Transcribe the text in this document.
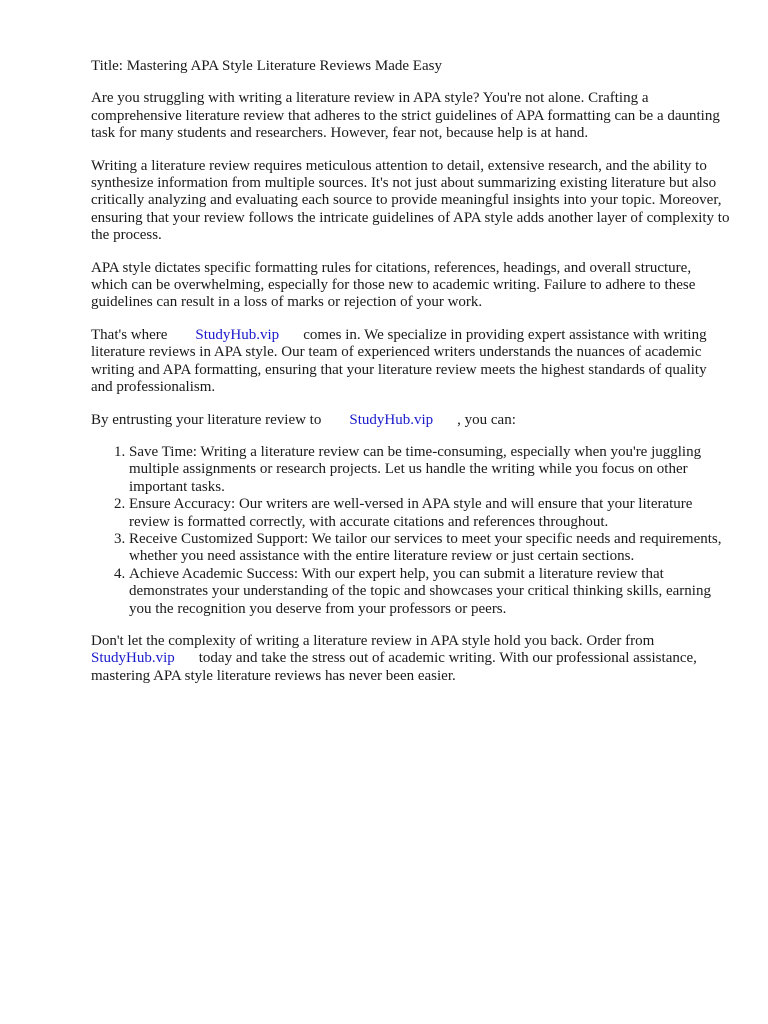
Title: Mastering APA Style Literature Reviews Made Easy

Are you struggling with writing a literature review in APA style? You're not alone. Crafting a comprehensive literature review that adheres to the strict guidelines of APA formatting can be a daunting task for many students and researchers. However, fear not, because help is at hand.

Writing a literature review requires meticulous attention to detail, extensive research, and the ability to synthesize information from multiple sources. It's not just about summarizing existing literature but also critically analyzing and evaluating each source to provide meaningful insights into your topic. Moreover, ensuring that your review follows the intricate guidelines of APA style adds another layer of complexity to the process.

APA style dictates specific formatting rules for citations, references, headings, and overall structure, which can be overwhelming, especially for those new to academic writing. Failure to adhere to these guidelines can result in a loss of marks or rejection of your work.

That's where StudyHub.vip comes in. We specialize in providing expert assistance with writing literature reviews in APA style. Our team of experienced writers understands the nuances of academic writing and APA formatting, ensuring that your literature review meets the highest standards of quality and professionalism.

By entrusting your literature review to StudyHub.vip , you can:

1. Save Time: Writing a literature review can be time-consuming, especially when you're juggling multiple assignments or research projects. Let us handle the writing while you focus on other important tasks.
2. Ensure Accuracy: Our writers are well-versed in APA style and will ensure that your literature review is formatted correctly, with accurate citations and references throughout.
3. Receive Customized Support: We tailor our services to meet your specific needs and requirements, whether you need assistance with the entire literature review or just certain sections.
4. Achieve Academic Success: With our expert help, you can submit a literature review that demonstrates your understanding of the topic and showcases your critical thinking skills, earning you the recognition you deserve from your professors or peers.

Don't let the complexity of writing a literature review in APA style hold you back. Order from StudyHub.vip today and take the stress out of academic writing. With our professional assistance, mastering APA style literature reviews has never been easier.
